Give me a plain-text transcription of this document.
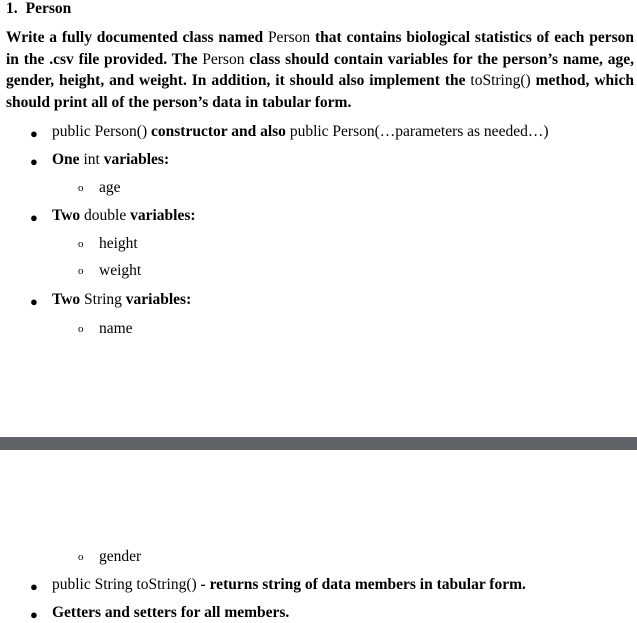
1. Person
Write a fully documented class named Person that contains biological statistics of each person in the .csv file provided. The Person class should contain variables for the person’s name, age, gender, height, and weight. In addition, it should also implement the toString() method, which should print all of the person’s data in tabular form.
● public Person() constructor and also public Person(…parameters as needed…)
● One int variables:
o age
● Two double variables:
o height
o weight
● Two String variables:
o name
o gender
● public String toString() - returns string of data members in tabular form.
● Getters and setters for all members.
